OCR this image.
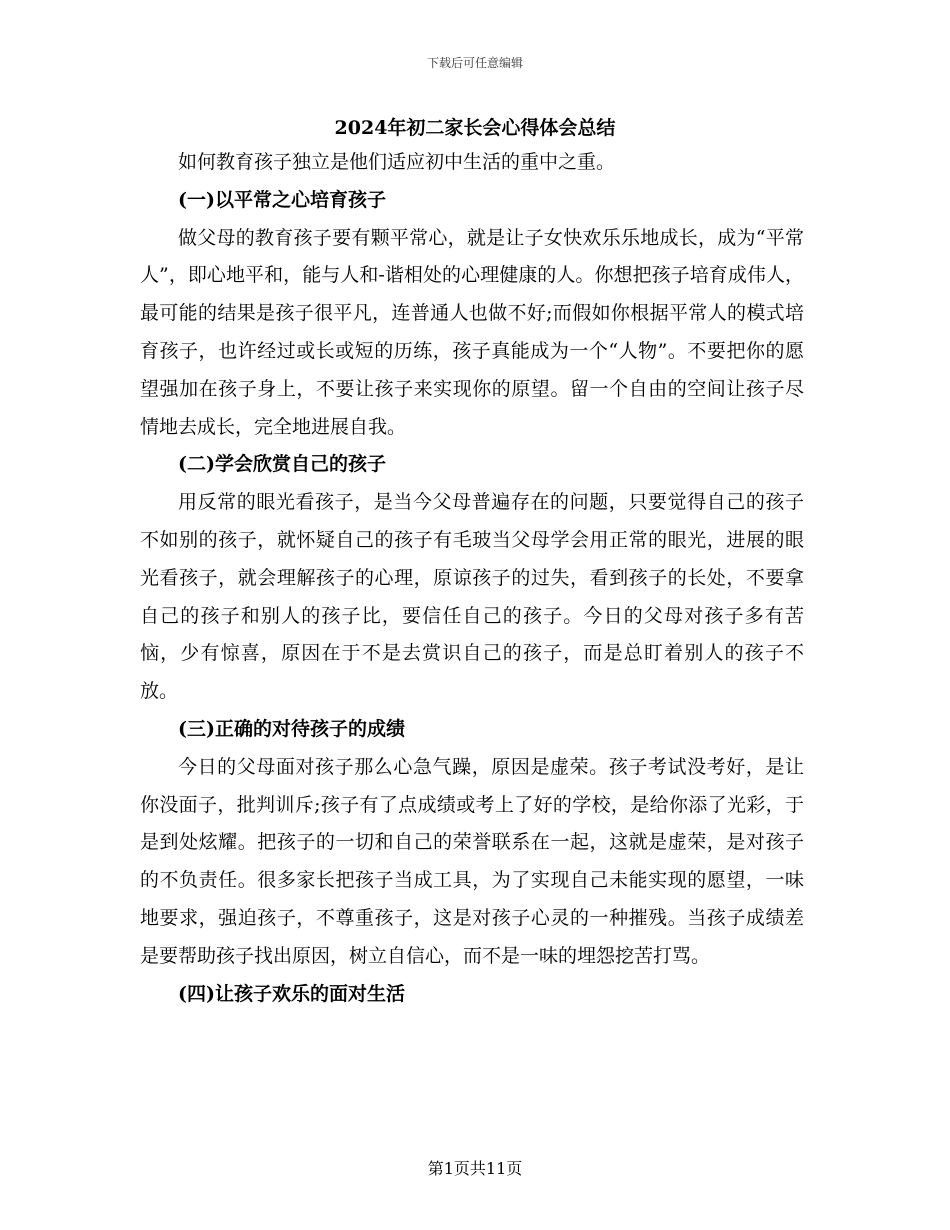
下载后可任意编辑
2024年初二家长会心得体会总结

如何教育孩子独立是他们适应初中生活的重中之重。

(一)以平常之心培育孩子

做父母的教育孩子要有颗平常心，就是让子女快欢乐乐地成长，成为“平常人”，即心地平和，能与人和-谐相处的心理健康的人。你想把孩子培育成伟人，最可能的结果是孩子很平凡，连普通人也做不好;而假如你根据平常人的模式培育孩子，也许经过或长或短的历练，孩子真能成为一个“人物”。不要把你的愿望强加在孩子身上，不要让孩子来实现你的原望。留一个自由的空间让孩子尽情地去成长，完全地进展自我。

(二)学会欣赏自己的孩子

用反常的眼光看孩子，是当今父母普遍存在的问题，只要觉得自己的孩子不如别的孩子，就怀疑自己的孩子有毛玻当父母学会用正常的眼光，进展的眼光看孩子，就会理解孩子的心理，原谅孩子的过失，看到孩子的长处，不要拿自己的孩子和别人的孩子比，要信任自己的孩子。今日的父母对孩子多有苦恼，少有惊喜，原因在于不是去赏识自己的孩子，而是总盯着别人的孩子不放。

(三)正确的对待孩子的成绩

今日的父母面对孩子那么心急气躁，原因是虚荣。孩子考试没考好，是让你没面子，批判训斥;孩子有了点成绩或考上了好的学校，是给你添了光彩，于是到处炫耀。把孩子的一切和自己的荣誉联系在一起，这就是虚荣，是对孩子的不负责任。很多家长把孩子当成工具，为了实现自己未能实现的愿望，一味地要求，强迫孩子，不尊重孩子，这是对孩子心灵的一种摧残。当孩子成绩差是要帮助孩子找出原因，树立自信心，而不是一味的埋怨挖苦打骂。

(四)让孩子欢乐的面对生活

第1页共11页
